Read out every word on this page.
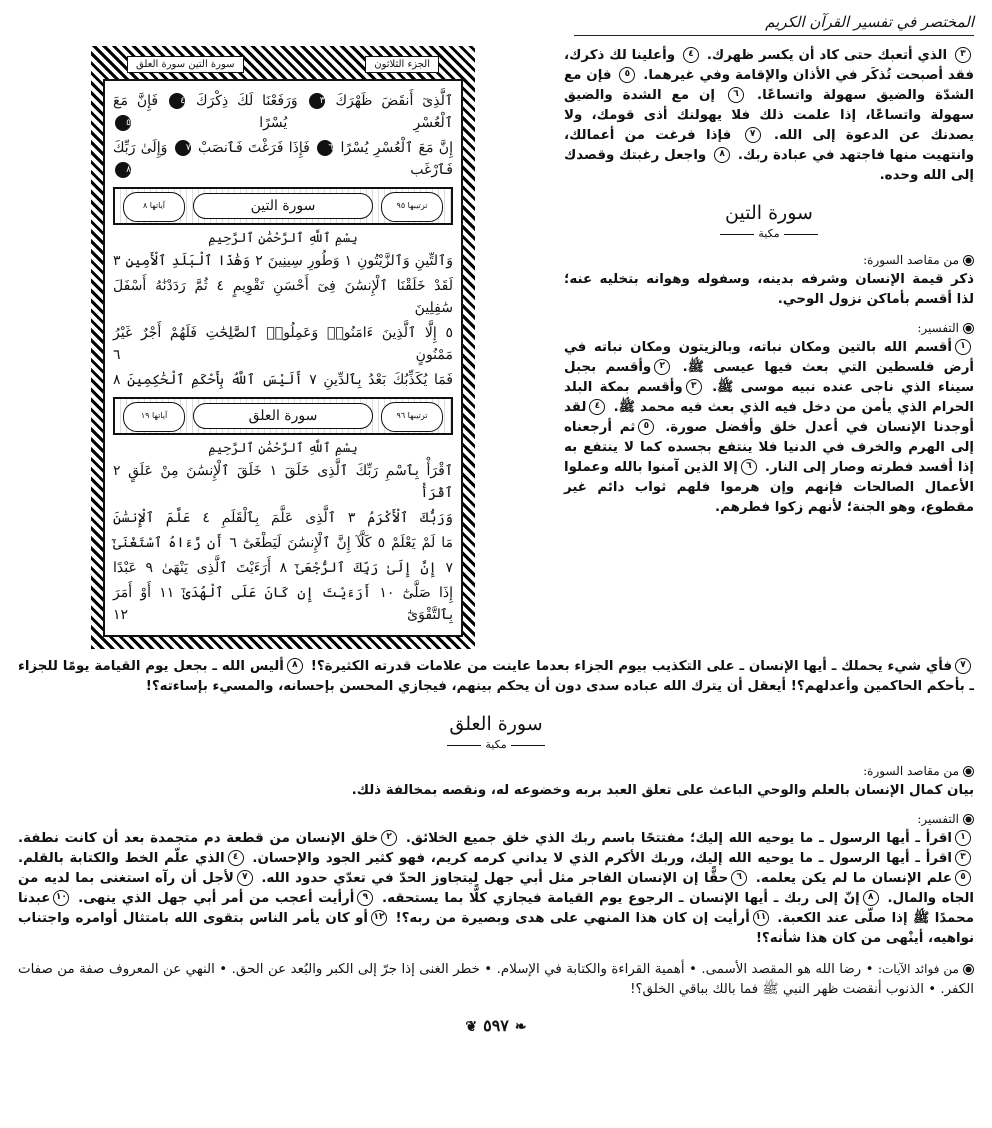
المختصر في تفسير القرآن الكريم
٣ الذي أتعبك حتى كاد أن يكسر ظهرك. ٤ وأعلينا لك ذكرك، فقد أصبحت تُذكَر في الأذان والإقامة وفي غيرهما. ٥ فإن مع الشدّة والضيق سهولة واتساعًا. ٦ إن مع الشدة والضيق سهولة واتساعًا، إذا علمت ذلك فلا يهولنك أذى قومك، ولا يصدنك عن الدعوة إلى الله. ٧ فإذا فرغت من أعمالك، وانتهيت منها فاجتهد في عبادة ربك. ٨ واجعل رغبتك وقصدك إلى الله وحده.
سورة التين
مكية
من مقاصد السورة:
ذكر قيمة الإنسان وشرفه بدينه، وسفوله وهوانه بتخليه عنه؛ لذا أقسم بأماكن نزول الوحي.
التفسير:
١أقسم الله بالتين ومكان نباته، وبالزيتون ومكان نباته في أرض فلسطين التي بعث فيها عيسى ﷺ. ٢وأقسم بجبل سيناء الذي ناجى عنده نبيه موسى ﷺ. ٣وأقسم بمكة البلد الحرام الذي يأمن من دخل فيه الذي بعث فيه محمد ﷺ. ٤لقد أوجدنا الإنسان في أعدل خلق وأفضل صورة. ٥ثم أرجعناه إلى الهرم والخرف في الدنيا فلا ينتفع بجسده كما لا ينتفع به إذا أفسد فطرته وصار إلى النار. ٦إلا الذين آمنوا بالله وعملوا الأعمال الصالحات فإنهم وإن هرموا فلهم ثواب دائم غير مقطوع، وهو الجنة؛ لأنهم زكوا فطرهم.
الجزء الثلاثون
سورة التين سورة العلق
ٱلَّذِىٓ أَنقَضَ ظَهْرَكَ ٣ وَرَفَعْنَا لَكَ ذِكْرَكَ ٤ فَإِنَّ مَعَ ٱلْعُسْرِ يُسْرًا ٥
إِنَّ مَعَ ٱلْعُسْرِ يُسْرًا ٦ فَإِذَا فَرَغْتَ فَٱنصَبْ ٧ وَإِلَىٰ رَبِّكَ فَٱرْغَب ٨
ترتيبها ٩٥
سورة التين
آياتها ٨
بِسْمِ ٱللَّهِ ٱلرَّحْمَٰنِ ٱلرَّحِيمِ
وَٱلتِّينِ وَٱلزَّيْتُونِ ١ وَطُورِ سِينِينَ ٢ وَهَٰذَا ٱلْبَلَدِ ٱلْأَمِينِ ٣
لَقَدْ خَلَقْنَا ٱلْإِنسَٰنَ فِىٓ أَحْسَنِ تَقْوِيمٍ ٤ ثُمَّ رَدَدْنَٰهُ أَسْفَلَ سَٰفِلِينَ
٥ إِلَّا ٱلَّذِينَ ءَامَنُوا۟ وَعَمِلُوا۟ ٱلصَّٰلِحَٰتِ فَلَهُمْ أَجْرٌ غَيْرُ مَمْنُونٍ ٦
فَمَا يُكَذِّبُكَ بَعْدُ بِٱلدِّينِ ٧ أَلَيْسَ ٱللَّهُ بِأَحْكَمِ ٱلْحَٰكِمِينَ ٨
ترتيبها ٩٦
سورة العلق
آياتها ١٩
بِسْمِ ٱللَّهِ ٱلرَّحْمَٰنِ ٱلرَّحِيمِ
ٱقْرَأْ بِٱسْمِ رَبِّكَ ٱلَّذِى خَلَقَ ١ خَلَقَ ٱلْإِنسَٰنَ مِنْ عَلَقٍ ٢ ٱقْرَأْ
وَرَبُّكَ ٱلْأَكْرَمُ ٣ ٱلَّذِى عَلَّمَ بِٱلْقَلَمِ ٤ عَلَّمَ ٱلْإِنسَٰنَ
مَا لَمْ يَعْلَمْ ٥ كَلَّآ إِنَّ ٱلْإِنسَٰنَ لَيَطْغَىٰٓ ٦ أَن رَّءَاهُ ٱسْتَغْنَىٰٓ
٧ إِنَّ إِلَىٰ رَبِّكَ ٱلرُّجْعَىٰٓ ٨ أَرَءَيْتَ ٱلَّذِى يَنْهَىٰ ٩ عَبْدًا
إِذَا صَلَّىٰٓ ١٠ أَرَءَيْتَ إِن كَانَ عَلَى ٱلْهُدَىٰٓ ١١ أَوْ أَمَرَ بِٱلتَّقْوَىٰٓ ١٢
٧فأي شيء يحملك ـ أيها الإنسان ـ على التكذيب بيوم الجزاء بعدما عاينت من علامات قدرته الكثيرة؟! ٨أليس الله ـ بجعل يوم القيامة يومًا للجزاء ـ بأحكم الحاكمين وأعدلهم؟! أيعقل أن يترك الله عباده سدى دون أن يحكم بينهم، فيجازي المحسن بإحسانه، والمسيء بإساءته؟!
سورة العلق
مكية
من مقاصد السورة:
بيان كمال الإنسان بالعلم والوحي الباعث على تعلق العبد بربه وخضوعه له، ونقصه بمخالفة ذلك.
التفسير:
١اقرأ ـ أيها الرسول ـ ما يوحيه الله إليك؛ مفتتحًا باسم ربك الذي خلق جميع الخلائق. ٢خلق الإنسان من قطعة دم متجمدة بعد أن كانت نطفة. ٣اقرأ ـ أيها الرسول ـ ما يوحيه الله إليك، وربك الأكرم الذي لا يداني كرمه كريم، فهو كثير الجود والإحسان. ٤الذي علّم الخط والكتابة بالقلم. ٥علم الإنسان ما لم يكن يعلمه. ٦حقًّا إن الإنسان الفاجر مثل أبي جهل ليتجاوز الحدّ في تعدّي حدود الله. ٧لأجل أن رآه استغنى بما لديه من الجاه والمال. ٨إنّ إلى ربك ـ أيها الإنسان ـ الرجوع يوم القيامة فيجازي كلًّا بما يستحقه. ٩أرأيت أعجب من أمر أبي جهل الذي ينهى. ١٠عبدنا محمدًا ﷺ إذا صلّى عند الكعبة. ١١أرأيت إن كان هذا المنهي على هدى وبصيرة من ربه؟! ١٢أو كان يأمر الناس بتقوى الله بامتثال أوامره واجتناب نواهيه، أينْهى من كان هذا شأنه؟!
من فوائد الآيات: • رضا الله هو المقصد الأسمى. • أهمية القراءة والكتابة في الإسلام. • خطر الغنى إذا جرّ إلى الكبر والبُعد عن الحق. • النهي عن المعروف صفة من صفات الكفر. • الذنوب أنقضت ظهر النبي ﷺ فما بالك بباقي الخلق؟!
❦ ٥٩٧ ❧
